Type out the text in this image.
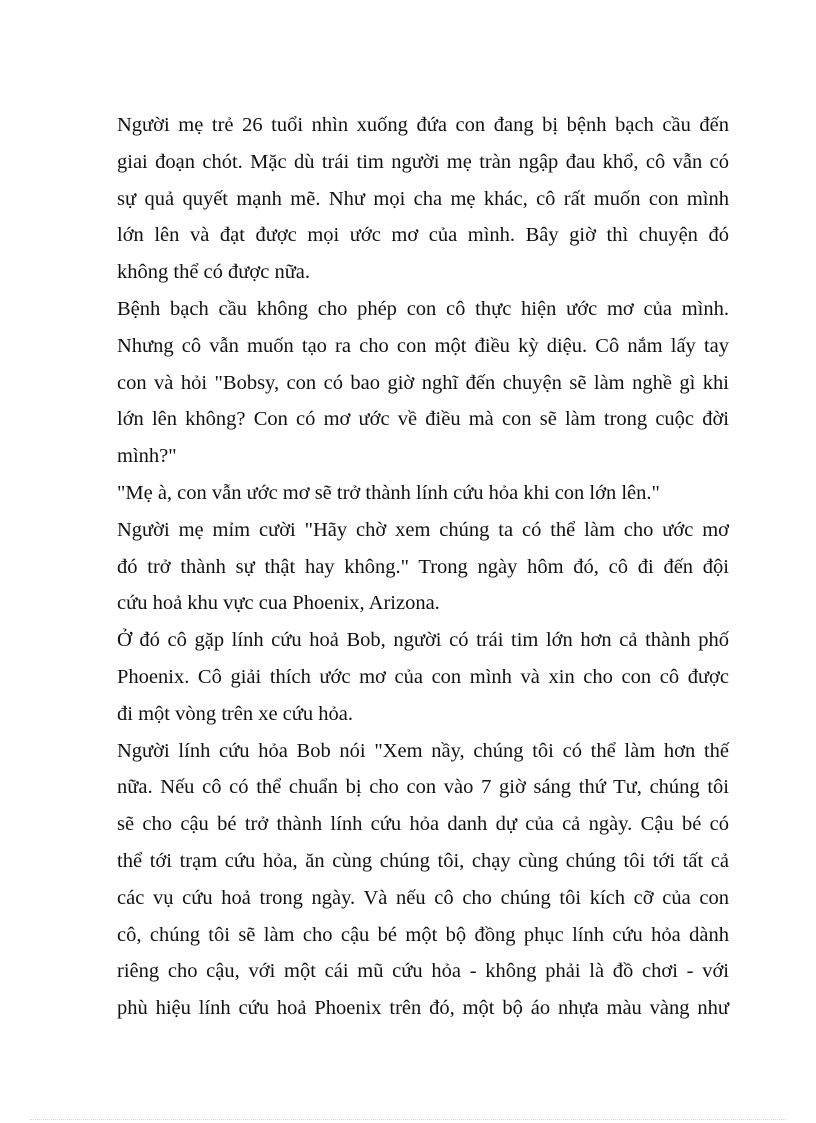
Người mẹ trẻ 26 tuổi nhìn xuống đứa con đang bị bệnh bạch cầu đến
giai đoạn chót. Mặc dù trái tim người mẹ tràn ngập đau khổ, cô vẫn có
sự quả quyết mạnh mẽ. Như mọi cha mẹ khác, cô rất muốn con mình
lớn lên và đạt được mọi ước mơ của mình. Bây giờ thì chuyện đó
không thể có được nữa.
Bệnh bạch cầu không cho phép con cô thực hiện ước mơ của mình.
Nhưng cô vẫn muốn tạo ra cho con một điều kỳ diệu. Cô nắm lấy tay
con và hỏi "Bobsy, con có bao giờ nghĩ đến chuyện sẽ làm nghề gì khi
lớn lên không? Con có mơ ước về điều mà con sẽ làm trong cuộc đời
mình?"
"Mẹ à, con vẫn ước mơ sẽ trở thành lính cứu hỏa khi con lớn lên."
Người mẹ mỉm cười "Hãy chờ xem chúng ta có thể làm cho ước mơ
đó trở thành sự thật hay không." Trong ngày hôm đó, cô đi đến đội
cứu hoả khu vực cua Phoenix, Arizona.
Ở đó cô gặp lính cứu hoả Bob, người có trái tim lớn hơn cả thành phố
Phoenix. Cô giải thích ước mơ của con mình và xin cho con cô được
đi một vòng trên xe cứu hỏa.
Người lính cứu hỏa Bob nói "Xem nầy, chúng tôi có thể làm hơn thế
nữa. Nếu cô có thể chuẩn bị cho con vào 7 giờ sáng thứ Tư, chúng tôi
sẽ cho cậu bé trở thành lính cứu hỏa danh dự của cả ngày. Cậu bé có
thể tới trạm cứu hỏa, ăn cùng chúng tôi, chạy cùng chúng tôi tới tất cả
các vụ cứu hoả trong ngày. Và nếu cô cho chúng tôi kích cỡ của con
cô, chúng tôi sẽ làm cho cậu bé một bộ đồng phục lính cứu hỏa dành
riêng cho cậu, với một cái mũ cứu hỏa - không phải là đồ chơi - với
phù hiệu lính cứu hoả Phoenix trên đó, một bộ áo nhựa màu vàng như
